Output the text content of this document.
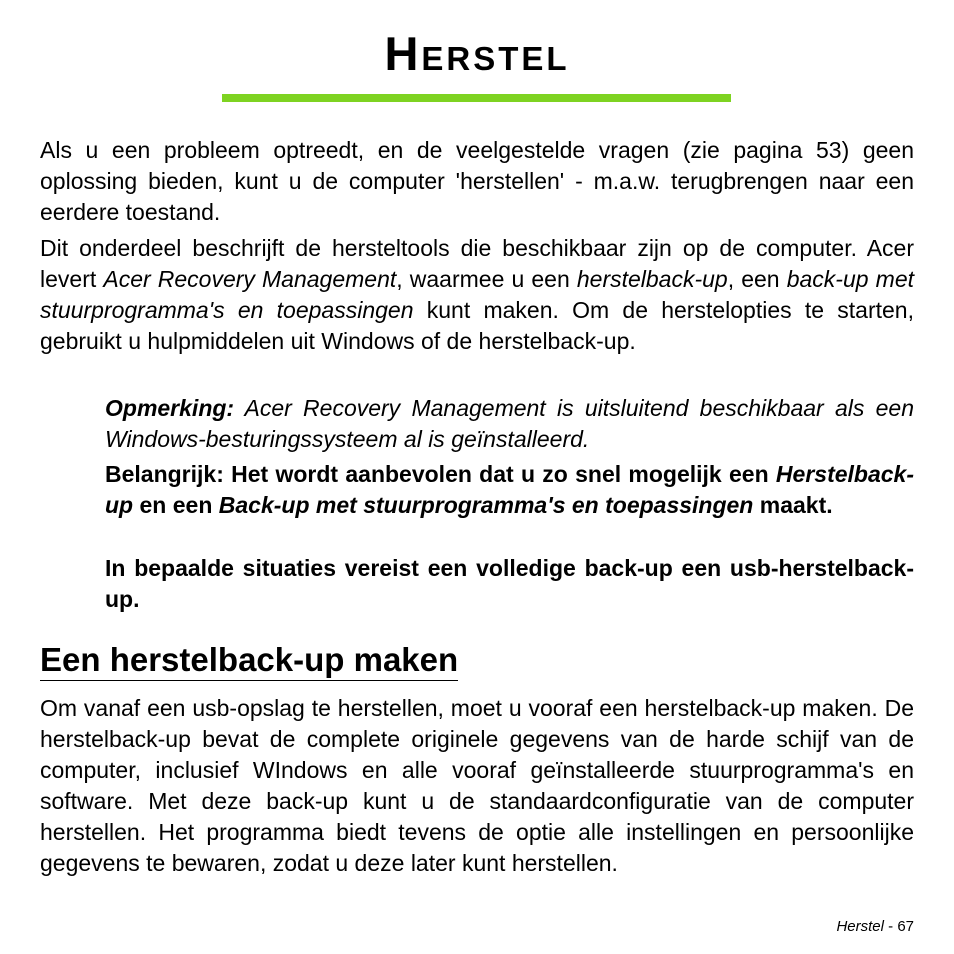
Herstel

Als u een probleem optreedt, en de veelgestelde vragen (zie pagina 53) geen oplossing bieden, kunt u de computer 'herstellen' - m.a.w. terugbrengen naar een eerdere toestand.

Dit onderdeel beschrijft de hersteltools die beschikbaar zijn op de computer. Acer levert Acer Recovery Management, waarmee u een herstelback-up, een back-up met stuurprogramma's en toepassingen kunt maken. Om de herstelopties te starten, gebruikt u hulpmiddelen uit Windows of de herstelback-up.

Opmerking: Acer Recovery Management is uitsluitend beschikbaar als een Windows-besturingssysteem al is geïnstalleerd.

Belangrijk: Het wordt aanbevolen dat u zo snel mogelijk een Herstelback-up en een Back-up met stuurprogramma's en toepassingen maakt.

In bepaalde situaties vereist een volledige back-up een usb-herstelback-up.

Een herstelback-up maken

Om vanaf een usb-opslag te herstellen, moet u vooraf een herstelback-up maken. De herstelback-up bevat de complete originele gegevens van de harde schijf van de computer, inclusief WIndows en alle vooraf geïnstalleerde stuurprogramma's en software. Met deze back-up kunt u de standaardconfiguratie van de computer herstellen. Het programma biedt tevens de optie alle instellingen en persoonlijke gegevens te bewaren, zodat u deze later kunt herstellen.

Herstel - 67
